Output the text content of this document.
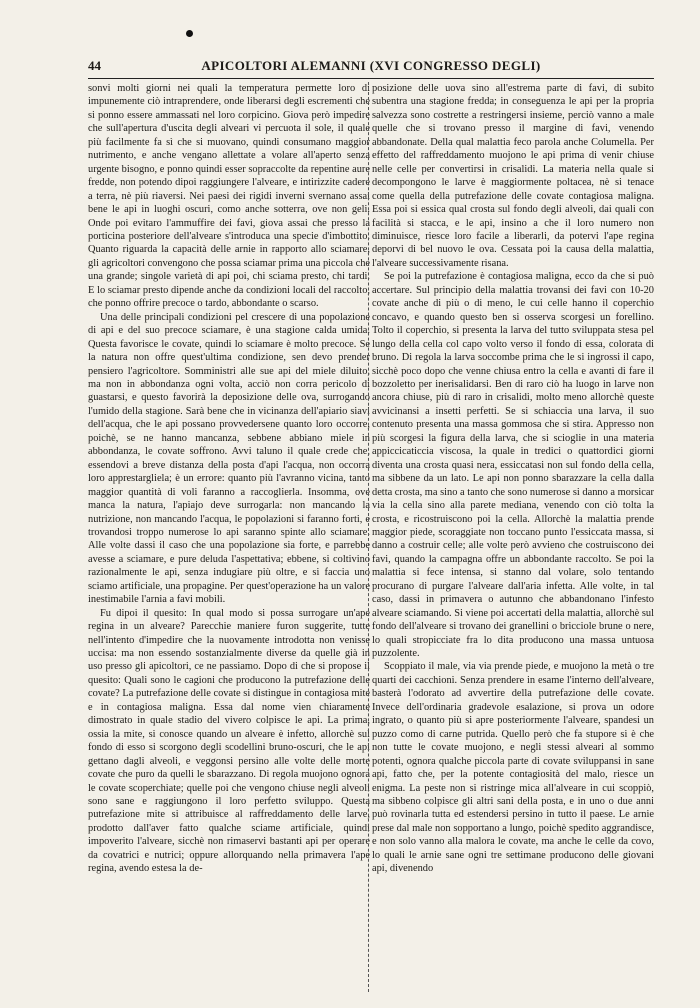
44	APICOLTORI ALEMANNI (XVI CONGRESSO DEGLI)

sonvi molti giorni nei quali la temperatura permette loro di impunemente ciò intraprendere, onde liberarsi degli escrementi che si ponno essere ammassati nel loro corpicino. Giova però impedire che sull'apertura d'uscita degli alveari vi percuota il sole, il quale più facilmente fa sì che si muovano, quindi consumano maggior nutrimento, e anche vengano allettate a volare all'aperto senza urgente bisogno, e ponno quindi esser sopraccolte da repentine aure fredde, non potendo dipoi raggiungere l'alveare, e intirizzite cadere a terra, nè più riaversi. Nei paesi dei rigidi inverni svernano assai bene le api in luoghi oscuri, como anche sotterra, ove non geli. Onde poi evitaro l'ammuffire dei favi, giova assai che presso la porticina posteriore dell'alveare s'introduca una specie d'imbottito. Quanto riguarda la capacità delle arnie in rapporto allo sciamare, gli agricoltori convengono che possa sciamar prima una piccola che una grande; singole varietà di api poi, chi sciama presto, chi tardi. E lo sciamar presto dipende anche da condizioni locali del raccolto, che ponno offrire precoce o tardo, abbondante o scarso.

Una delle principali condizioni pel crescere di una popolazione di api e del suo precoce sciamare, è una stagione calda umida. Questa favorisce le covate, quindi lo sciamare è molto precoce. Se la natura non offre quest'ultima condizione, sen devo prender pensiero l'agricoltore. Somministri alle sue api del miele diluito, ma non in abbondanza ogni volta, acciò non corra pericolo di guastarsi, e questo favorirà la deposizione delle ova, surrogando l'umido della stagione. Sarà bene che in vicinanza dell'apiario siavi dell'acqua, che le api possano provvedersene quanto loro occorre, poichè, se ne hanno mancanza, sebbene abbiano miele in abbondanza, le covate soffrono. Avvi taluno il quale crede che, essendovi a breve distanza della posta d'api l'acqua, non occorra loro apprestargliela; è un errore: quanto più l'avranno vicina, tanto maggior quantità di voli faranno a raccoglierla. Insomma, ove manca la natura, l'apiajo deve surrogarla: non mancando la nutrizione, non mancando l'acqua, le popolazioni si faranno forti, e trovandosi troppo numerose lo api saranno spinte allo sciamare. Alle volte dassi il caso che una popolazione sia forte, e parrebbe avesse a sciamare, e pure deluda l'aspettativa; ebbene, si coltivino razionalmente le api, senza indugiare più oltre, e si faccia uno sciamo artificiale, una propagine. Per quest'operazione ha un valore inestimabile l'arnia a favi mobili.

Fu dipoi il quesito: In qual modo si possa surrogare un'ape regina in un alveare? Parecchie maniere furon suggerite, tutte nell'intento d'impedire che la nuovamente introdotta non venisse uccisa: ma non essendo sostanzialmente diverse da quelle già in uso presso gli apicoltori, ce ne passiamo. Dopo di che si propose il quesito: Quali sono le cagioni che producono la putrefazione delle covate? La putrefazione delle covate si distingue in contagiosa mite e in contagiosa maligna. Essa dal nome vien chiaramente dimostrato in quale stadio del vivero colpisce le api. La prima, ossia la mite, si conosce quando un alveare è infetto, allorchè sul fondo di esso si scorgono degli scodellini bruno-oscuri, che le api gettano dagli alveoli, e veggonsi persino alle volte delle morte covate che puro da quelli le sbarazzano. Di regola muojono ognora le covate scoperchiate; quelle poi che vengono chiuse negli alveoli sono sane e raggiungono il loro perfetto sviluppo. Questa putrefazione mite si attribuisce al raffreddamento delle larve, prodotto dall'aver fatto qualche sciame artificiale, quindi impoverito l'alveare, sicchè non rimaservi bastanti api per operare da covatrici e nutrici; oppure allorquando nella primavera l'ape regina, avendo estesa la de-

posizione delle uova sino all'estrema parte di favi, di subito subentra una stagione fredda; in conseguenza le api per la propria salvezza sono costrette a restringersi insieme, perciò vanno a male quelle che si trovano presso il margine di favi, venendo abbandonate. Della qual malattia feco parola anche Columella. Per effetto del raffreddamento muojono le api prima di venir chiuse nelle celle per convertirsi in crisalidi. La materia nella quale si decompongono le larve è maggiormente poltacea, nè si tenace come quella della putrefazione delle covate contagiosa maligna. Essa poi si essica qual crosta sul fondo degli alveoli, dai quali con facilità si stacca, e le api, insino a che il loro numero non diminuisce, riesce loro facile a liberarli, da potervi l'ape regina deporvi di bel nuovo le ova. Cessata poi la causa della malattia, l'alveare successivamente risana.

Se poi la putrefazione è contagiosa maligna, ecco da che si può accertare. Sul principio della malattia trovansi dei favi con 10-20 covate anche di più o di meno, le cui celle hanno il coperchio concavo, e quando questo ben si osserva scorgesi un forellino. Tolto il coperchio, si presenta la larva del tutto sviluppata stesa pel lungo della cella col capo volto verso il fondo di essa, colorata di bruno. Di regola la larva soccombe prima che le si ingrossi il capo, sicchè poco dopo che venne chiusa entro la cella e avanti di fare il bozzoletto per inerisalidarsi. Ben di raro ciò ha luogo in larve non ancora chiuse, più di raro in crisalidi, molto meno allorchè queste avvicinansi a insetti perfetti. Se si schiaccia una larva, il suo contenuto presenta una massa gommosa che si stira. Appresso non più scorgesi la figura della larva, che si scioglie in una materia appiccicaticcia viscosa, la quale in tredici o quattordici giorni diventa una crosta quasi nera, essiccatasi non sul fondo della cella, ma sibbene da un lato. Le api non ponno sbarazzare la cella dalla detta crosta, ma sino a tanto che sono numerose si danno a morsicar via la cella sino alla parete mediana, venendo con ciò tolta la crosta, e ricostruiscono poi la cella. Allorchè la malattia prende maggior piede, scoraggiate non toccano punto l'essiccata massa, si danno a costruir celle; alle volte però avvieno che costruiscono dei favi, quando la campagna offre un abbondante raccolto. Se poi la malattia si fece intensa, si stanno dal volare, solo tentando procurano di purgare l'alveare dall'aria infetta. Alle volte, in tal caso, dassi in primavera o autunno che abbandonano l'infesto alveare sciamando. Si viene poi accertati della malattia, allorchè sul fondo dell'alveare si trovano dei granellini o bricciole brune o nere, lo quali stropicciate fra lo dita producono una massa untuosa puzzolente.

Scoppiato il male, via via prende piede, e muojono la metà o tre quarti dei cacchioni. Senza prendere in esame l'interno dell'alveare, basterà l'odorato ad avvertire della putrefazione delle covate. Invece dell'ordinaria gradevole esalazione, si prova un odore ingrato, o quanto più si apre posteriormente l'alveare, spandesi un puzzo como di carne putrida. Quello però che fa stupore si è che non tutte le covate muojono, e negli stessi alveari al sommo potenti, ognora qualche piccola parte di covate sviluppansi in sane api, fatto che, per la potente contagiosità del malo, riesce un enigma. La peste non si ristringe mica all'alveare in cui scoppiò, ma sibbeno colpisce gli altri sani della posta, e in uno o due anni può rovinarla tutta ed estendersi persino in tutto il paese. Le arnie prese dal male non sopportano a lungo, poichè spedito aggrandisce, e non solo vanno alla malora le covate, ma anche le celle da covo, lo quali le arnie sane ogni tre settimane producono delle giovani api, divenendo
